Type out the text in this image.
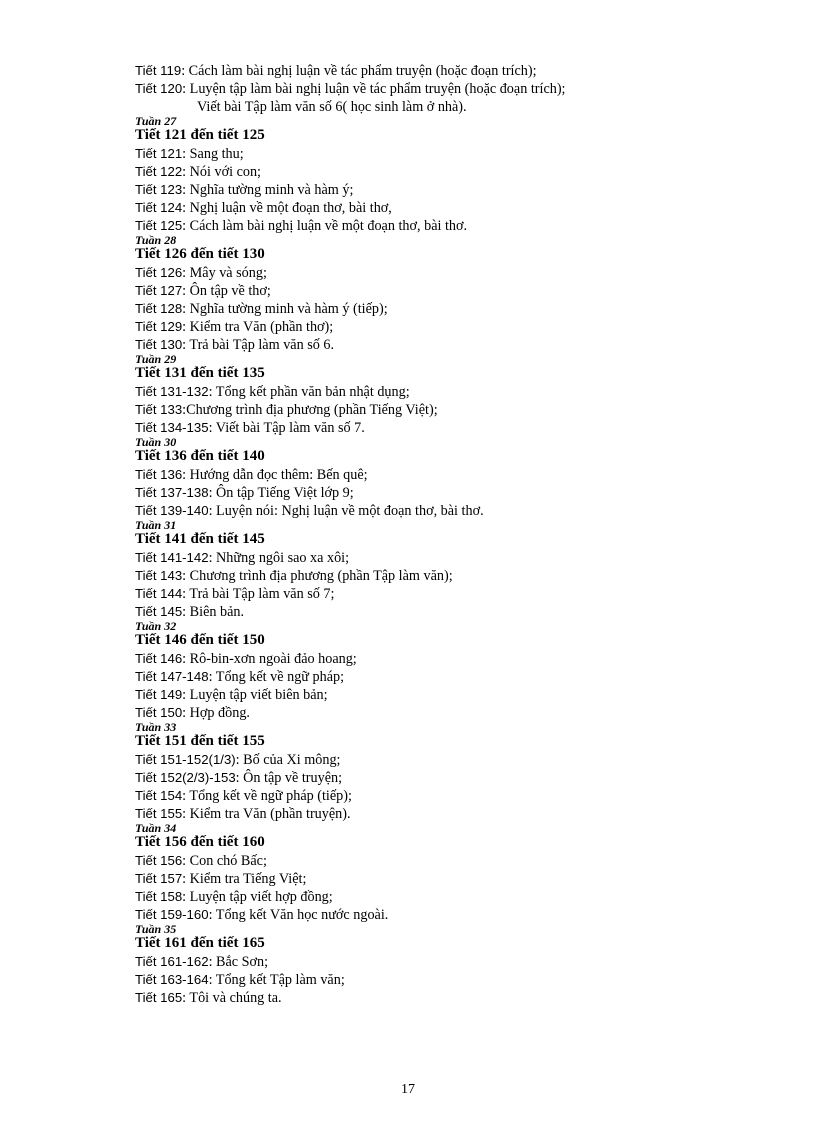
Tiết 119: Cách làm bài nghị luận về tác phẩm truyện (hoặc đoạn trích);
Tiết 120: Luyện tập làm bài nghị luận về tác phẩm truyện (hoặc đoạn trích);
Viết bài Tập làm văn số 6( học sinh làm ở nhà).
Tuần 27
Tiết 121 đến tiết 125
Tiết 121: Sang thu;
Tiết 122: Nói với con;
Tiết 123: Nghĩa tường minh và hàm ý;
Tiết 124: Nghị luận về một đoạn thơ, bài thơ,
Tiết 125: Cách làm bài nghị luận về một đoạn thơ, bài thơ.
Tuần 28
Tiết 126 đến tiết 130
Tiết 126: Mây và sóng;
Tiết 127: Ôn tập về thơ;
Tiết 128: Nghĩa tường minh và hàm ý (tiếp);
Tiết 129: Kiểm tra Văn (phần thơ);
Tiết 130: Trả bài Tập làm văn số 6.
Tuần 29
Tiết 131 đến tiết 135
Tiết 131-132: Tổng kết phần văn bản nhật dụng;
Tiết 133:Chương trình địa phương (phần Tiếng Việt);
Tiết 134-135: Viết bài Tập làm văn số 7.
Tuần 30
Tiết 136 đến tiết 140
Tiết 136: Hướng dẫn đọc thêm: Bến quê;
Tiết 137-138: Ôn tập Tiếng Việt lớp 9;
Tiết 139-140: Luyện nói: Nghị luận về một đoạn thơ, bài thơ.
Tuần 31
Tiết 141 đến tiết 145
Tiết 141-142: Những ngôi sao xa xôi;
Tiết 143: Chương trình địa phương (phần Tập làm văn);
Tiết 144: Trả bài Tập làm văn số 7;
Tiết 145: Biên bản.
Tuần 32
Tiết 146 đến tiết 150
Tiết 146: Rô-bin-xơn ngoài đảo hoang;
Tiết 147-148: Tổng kết về ngữ pháp;
Tiết 149: Luyện tập viết biên bản;
Tiết 150: Hợp đồng.
Tuần 33
Tiết 151 đến tiết 155
Tiết 151-152(1/3): Bố của Xi mông;
Tiết 152(2/3)-153: Ôn tập về truyện;
Tiết 154: Tổng kết về ngữ pháp (tiếp);
Tiết 155: Kiểm tra Văn (phần truyện).
Tuần 34
Tiết 156 đến tiết 160
Tiết 156: Con chó Bấc;
Tiết 157: Kiểm tra Tiếng Việt;
Tiết 158: Luyện tập viết hợp đồng;
Tiết 159-160: Tổng kết Văn học nước ngoài.
Tuần 35
Tiết 161 đến tiết 165
Tiết 161-162: Bắc Sơn;
Tiết 163-164: Tổng kết Tập làm văn;
Tiết 165: Tôi và chúng ta.
17
